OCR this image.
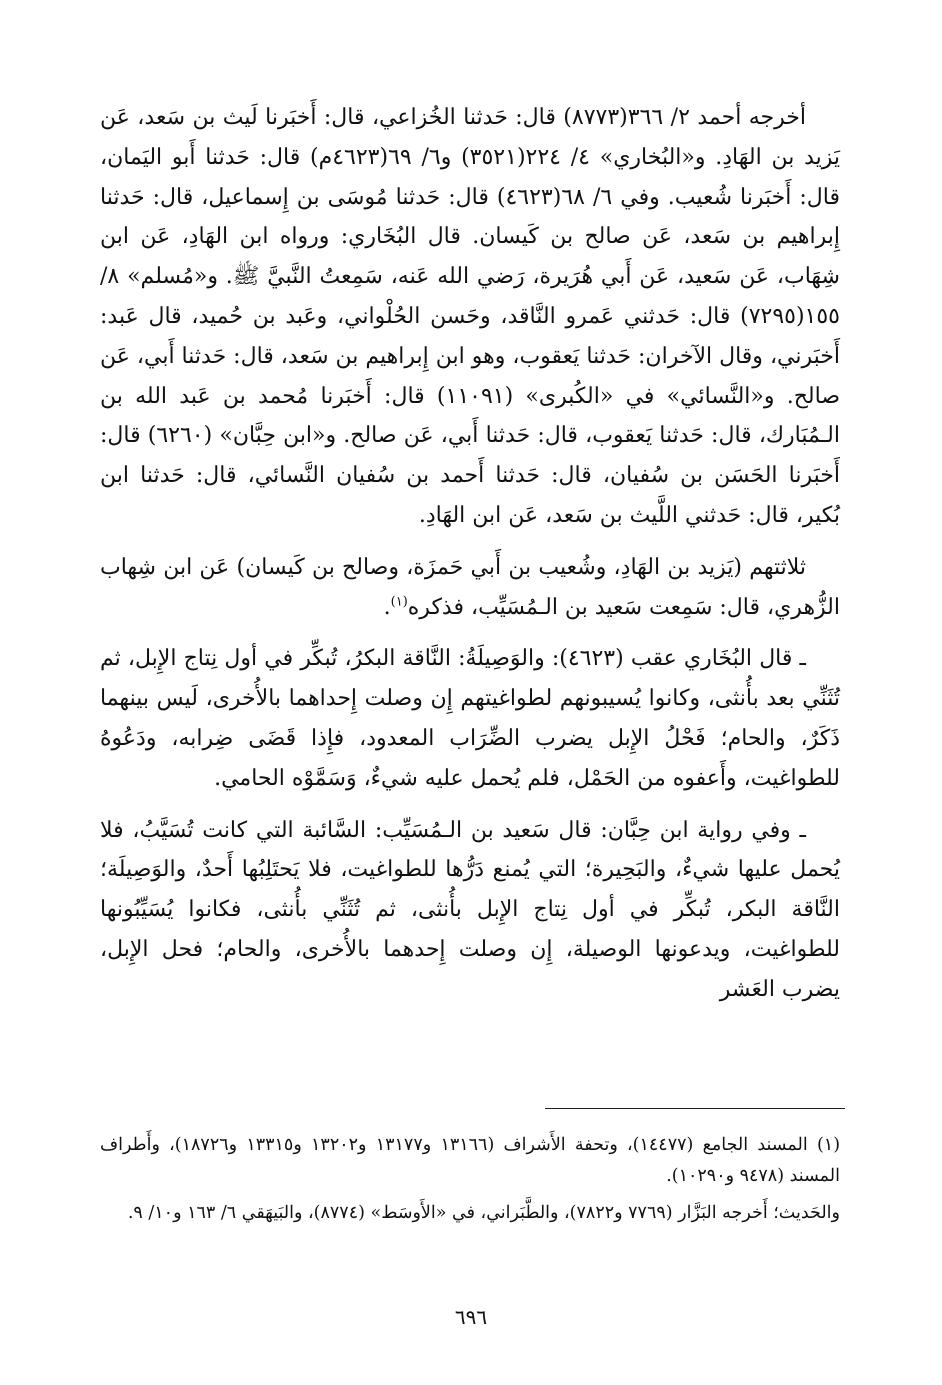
أخرجه أحمد ٢/ ٣٦٦(٨٧٧٣) قال: حَدثنا الخُزاعي، قال: أَخبَرنا لَيث بن سَعد، عَن يَزيد بن الهَادِ. و«البُخاري» ٤/ ٢٢٤(٣٥٢١) و٦/ ٦٩(٤٦٢٣م) قال: حَدثنا أَبو اليَمان، قال: أَخبَرنا شُعيب. وفي ٦/ ٦٨(٤٦٢٣) قال: حَدثنا مُوسَى بن إِسماعيل، قال: حَدثنا إِبراهيم بن سَعد، عَن صالح بن كَيسان. قال البُخَاري: ورواه ابن الهَادِ، عَن ابن شِهَاب، عَن سَعيد، عَن أَبي هُرَيرة، رَضي الله عَنه، سَمِعتُ النَّبيَّ ﷺ. و«مُسلم» ٨/ ١٥٥(٧٢٩٥) قال: حَدثني عَمرو النَّاقد، وحَسن الحُلْواني، وعَبد بن حُميد، قال عَبد: أَخبَرني، وقال الآخران: حَدثنا يَعقوب، وهو ابن إِبراهيم بن سَعد، قال: حَدثنا أَبي، عَن صالح. و«النَّسائي» في «الكُبرى» (١١٠٩١) قال: أَخبَرنا مُحمد بن عَبد الله بن الـمُبَارك، قال: حَدثنا يَعقوب، قال: حَدثنا أَبي، عَن صالح. و«ابن حِبَّان» (٦٢٦٠) قال: أَخبَرنا الحَسَن بن سُفيان، قال: حَدثنا أَحمد بن سُفيان النَّسائي، قال: حَدثنا ابن بُكير، قال: حَدثني اللَّيث بن سَعد، عَن ابن الهَادِ.

ثلاثتهم (يَزيد بن الهَادِ، وشُعيب بن أَبي حَمزَة، وصالح بن كَيسان) عَن ابن شِهاب الزُّهري، قال: سَمِعت سَعيد بن الـمُسَيِّب، فذكره$^{(١)}$.

ـ قال البُخَاري عقب (٤٦٢٣): والوَصِيلَةُ: النَّاقة البكرُ، تُبكِّر في أول نِتاج الإِبل، ثم تُثَنِّي بعد بأُنثى، وكانوا يُسيبونهم لطواغيتهم إِن وصلت إِحداهما بالأُخرى، لَيس بينهما ذَكَرٌ، والحام؛ فَحْلُ الإِبل يضرب الضِّرَاب المعدود، فإِذا قَضَى ضِرابه، ودَعُوهُ للطواغيت، وأَعفوه من الحَمْل، فلم يُحمل عليه شيءٌ، وَسَمَّوْه الحامي.

ـ وفي رواية ابن حِبَّان: قال سَعيد بن الـمُسَيِّب: السَّائبة التي كانت تُسَيَّبُ، فلا يُحمل عليها شيءٌ، والبَحِيرة؛ التي يُمنع دَرُّها للطواغيت، فلا يَحتَلِبُها أَحدٌ، والوَصِيلَة؛ النَّاقة البكر، تُبكِّر في أول نِتاج الإِبل بأُنثى، ثم تُثَنِّي بأُنثى، فكانوا يُسَيِّبُونها للطواغيت، ويدعونها الوصيلة، إِن وصلت إِحدهما بالأُخرى، والحام؛ فحل الإِبل، يضرب العَشر

(١) المسند الجامع (١٤٤٧٧)، وتحفة الأَشراف (١٣١٦٦ و١٣١٧٧ و١٣٢٠٢ و١٣٣١٥ و١٨٧٢٦)، وأَطراف المسند (٩٤٧٨ و١٠٢٩٠).

والحَديث؛ أَخرجه البَزَّار (٧٧٦٩ و٧٨٢٢)، والطَّبَراني، في «الأَوسَط» (٨٧٧٤)، والبَيهَقي ٦/ ١٦٣ و١٠/ ٩.

٦٩٦
